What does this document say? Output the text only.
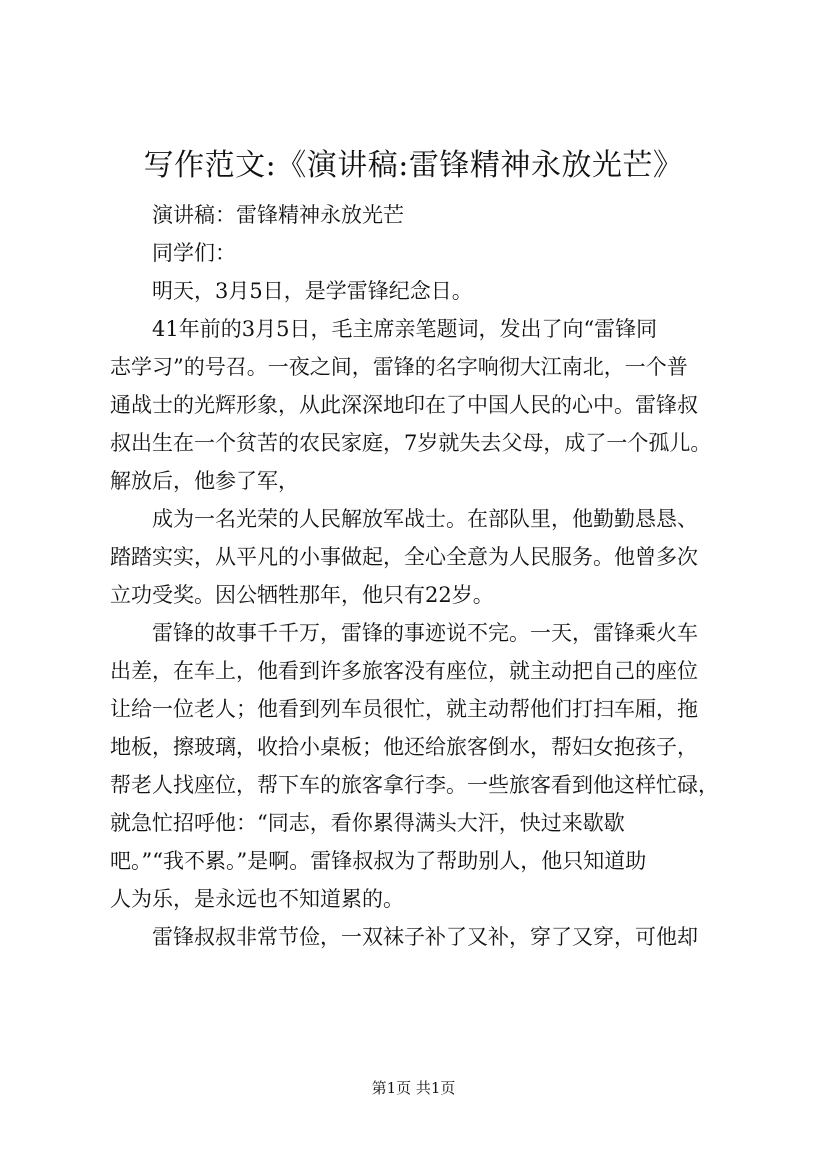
写作范文:《演讲稿:雷锋精神永放光芒》
演讲稿：雷锋精神永放光芒
同学们：
明天，3月5日，是学雷锋纪念日。
41年前的3月5日，毛主席亲笔题词，发出了向“雷锋同
志学习”的号召。一夜之间，雷锋的名字响彻大江南北，一个普
通战士的光辉形象，从此深深地印在了中国人民的心中。雷锋叔
叔出生在一个贫苦的农民家庭，7岁就失去父母，成了一个孤儿。
解放后，他参了军，
成为一名光荣的人民解放军战士。在部队里，他勤勤恳恳、
踏踏实实，从平凡的小事做起，全心全意为人民服务。他曾多次
立功受奖。因公牺牲那年，他只有22岁。
雷锋的故事千千万，雷锋的事迹说不完。一天，雷锋乘火车
出差，在车上，他看到许多旅客没有座位，就主动把自己的座位
让给一位老人；他看到列车员很忙，就主动帮他们打扫车厢，拖
地板，擦玻璃，收拾小桌板；他还给旅客倒水，帮妇女抱孩子，
帮老人找座位，帮下车的旅客拿行李。一些旅客看到他这样忙碌，
就急忙招呼他：“同志，看你累得满头大汗，快过来歇歇
吧。”“我不累。”是啊。雷锋叔叔为了帮助别人，他只知道助
人为乐，是永远也不知道累的。
雷锋叔叔非常节俭，一双袜子补了又补，穿了又穿，可他却
第1页 共1页
